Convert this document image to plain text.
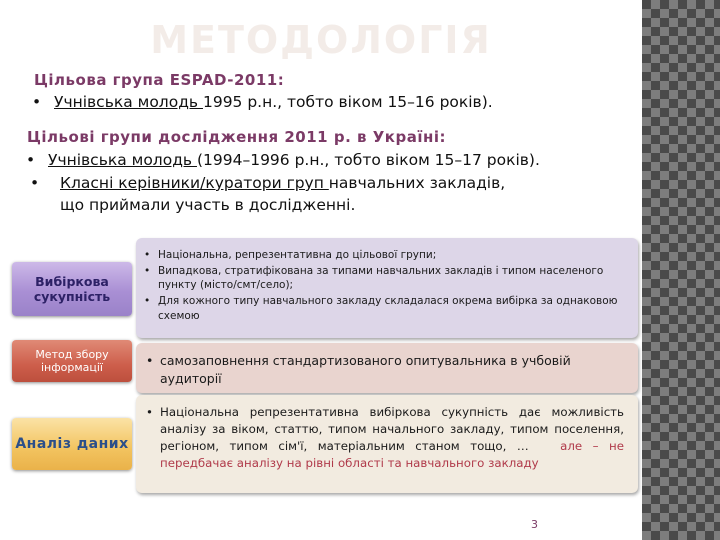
МЕТОДОЛОГІЯ
Цільова група ESPAD-2011:
• Учнівська молодь 1995 р.н., тобто віком 15–16 років).
Цільові групи дослідження 2011 р. в Україні:
• Учнівська молодь (1994–1996 р.н., тобто віком 15–17 років).
• Класні керівники/куратори груп навчальних закладів,
що приймали участь в дослідженні.
• Національна, репрезентативна до цільової групи;
• Випадкова, стратифікована за типами навчальних закладів і типом населеного пункту (місто/смт/село);
• Для кожного типу навчального закладу складалася окрема вибірка за однаковою схемою
Вибіркова сукупність
• самозаповнення стандартизованого опитувальника в учбовій аудиторії
Метод збору інформації
• Національна репрезентативна вибіркова сукупність дає можливість аналізу за віком, статтю, типом начального закладу, типом поселення, регіоном, типом сім'ї, матеріальним станом тощо, …	але – не передбачає аналізу на рівні області та навчального закладу
Аналіз даних
3
